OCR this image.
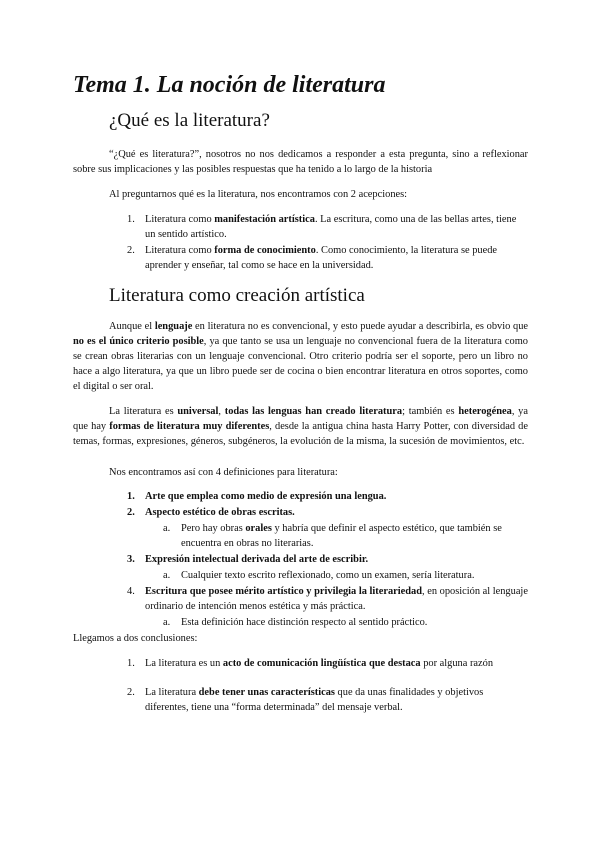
Tema 1. La noción de literatura
¿Qué es la literatura?

“¿Qué es literatura?”, nosotros no nos dedicamos a responder a esta pregunta, sino a reflexionar sobre sus implicaciones y las posibles respuestas que ha tenido a lo largo de la historia

Al preguntarnos qué es la literatura, nos encontramos con 2 acepciones:

1. Literatura como manifestación artística. La escritura, como una de las bellas artes, tiene un sentido artístico.
2. Literatura como forma de conocimiento. Como conocimiento, la literatura se puede aprender y enseñar, tal como se hace en la universidad.
Literatura como creación artística

Aunque el lenguaje en literatura no es convencional, y esto puede ayudar a describirla, es obvio que no es el único criterio posible, ya que tanto se usa un lenguaje no convencional fuera de la literatura como se crean obras literarias con un lenguaje convencional. Otro criterio podría ser el soporte, pero un libro no hace a algo literatura, ya que un libro puede ser de cocina o bien encontrar literatura en otros soportes, como el digital o ser oral.

La literatura es universal, todas las lenguas han creado literatura; también es heterogénea, ya que hay formas de literatura muy diferentes, desde la antigua china hasta Harry Potter, con diversidad de temas, formas, expresiones, géneros, subgéneros, la evolución de la misma, la sucesión de movimientos, etc.

Nos encontramos así con 4 definiciones para literatura:

1. Arte que emplea como medio de expresión una lengua.
2. Aspecto estético de obras escritas.
a. Pero hay obras orales y habría que definir el aspecto estético, que también se encuentra en obras no literarias.
3. Expresión intelectual derivada del arte de escribir.
a. Cualquier texto escrito reflexionado, como un examen, sería literatura.
4. Escritura que posee mérito artístico y privilegia la literariedad, en oposición al lenguaje ordinario de intención menos estética y más práctica.
a. Esta definición hace distinción respecto al sentido práctico.

Llegamos a dos conclusiones:

1. La literatura es un acto de comunicación lingüística que destaca por alguna razón
2. La literatura debe tener unas características que da unas finalidades y objetivos diferentes, tiene una “forma determinada” del mensaje verbal.
